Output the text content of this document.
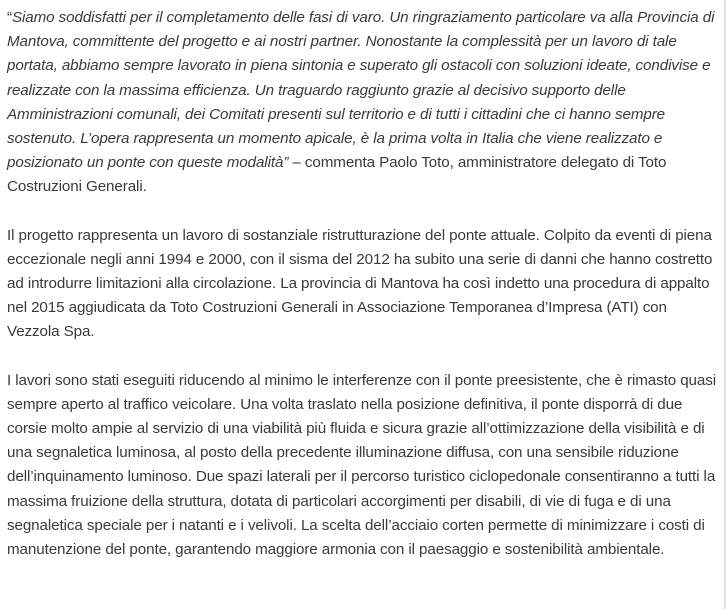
“Siamo soddisfatti per il completamento delle fasi di varo. Un ringraziamento particolare va alla Provincia di Mantova, committente del progetto e ai nostri partner. Nonostante la complessità per un lavoro di tale portata, abbiamo sempre lavorato in piena sintonia e superato gli ostacoli con soluzioni ideate, condivise e realizzate con la massima efficienza. Un traguardo raggiunto grazie al decisivo supporto delle Amministrazioni comunali, dei Comitati presenti sul territorio e di tutti i cittadini che ci hanno sempre sostenuto. L’opera rappresenta un momento apicale, è la prima volta in Italia che viene realizzato e posizionato un ponte con queste modalità” – commenta Paolo Toto, amministratore delegato di Toto Costruzioni Generali.

Il progetto rappresenta un lavoro di sostanziale ristrutturazione del ponte attuale. Colpito da eventi di piena eccezionale negli anni 1994 e 2000, con il sisma del 2012 ha subito una serie di danni che hanno costretto ad introdurre limitazioni alla circolazione. La provincia di Mantova ha così indetto una procedura di appalto nel 2015 aggiudicata da Toto Costruzioni Generali in Associazione Temporanea d’Impresa (ATI) con Vezzola Spa.

I lavori sono stati eseguiti riducendo al minimo le interferenze con il ponte preesistente, che è rimasto quasi sempre aperto al traffico veicolare. Una volta traslato nella posizione definitiva, il ponte disporrà di due corsie molto ampie al servizio di una viabilità più fluida e sicura grazie all’ottimizzazione della visibilità e di una segnaletica luminosa, al posto della precedente illuminazione diffusa, con una sensibile riduzione dell’inquinamento luminoso. Due spazi laterali per il percorso turistico ciclopedonale consentiranno a tutti la massima fruizione della struttura, dotata di particolari accorgimenti per disabili, di vie di fuga e di una segnaletica speciale per i natanti e i velivoli. La scelta dell’acciaio corten permette di minimizzare i costi di manutenzione del ponte, garantendo maggiore armonia con il paesaggio e sostenibilità ambientale.
